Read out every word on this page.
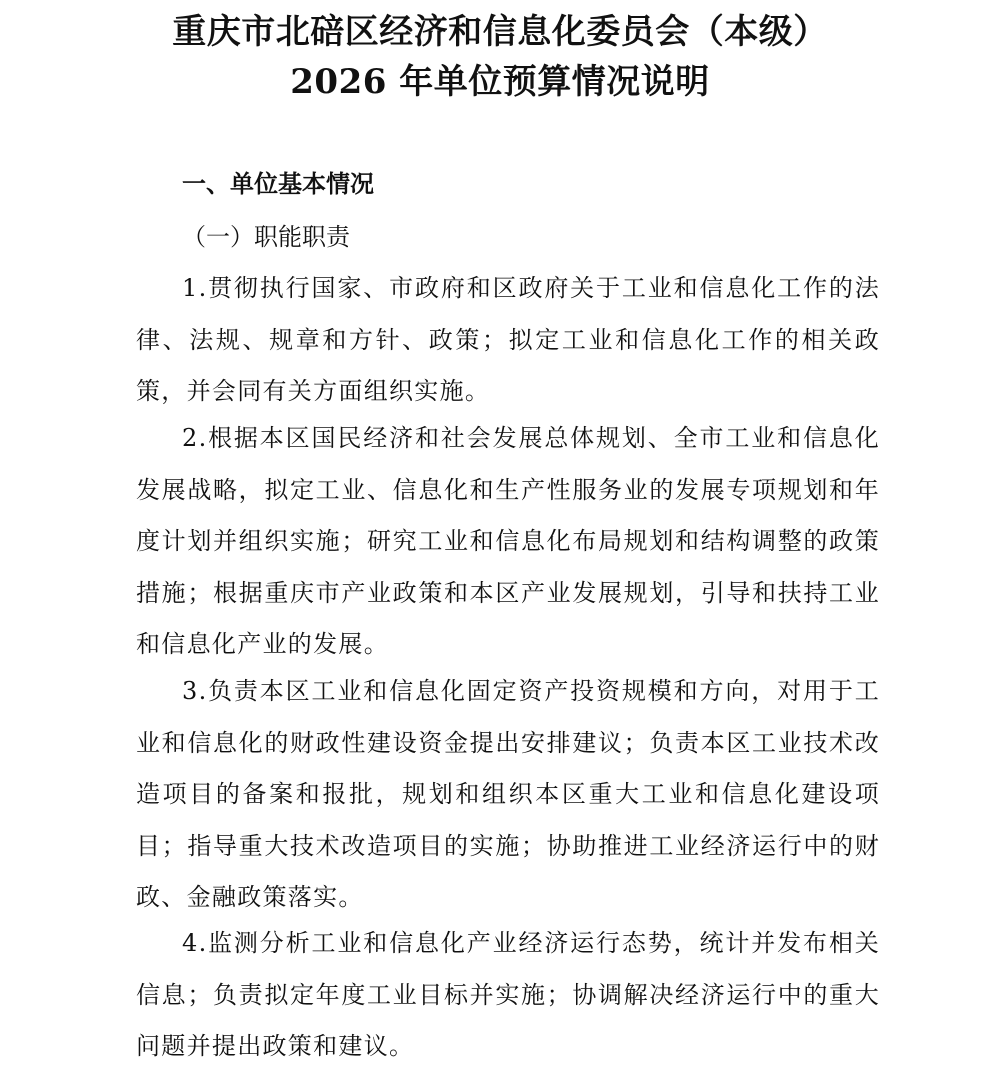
重庆市北碚区经济和信息化委员会（本级）
2026 年单位预算情况说明
一、单位基本情况
（一）职能职责
1.贯彻执行国家、市政府和区政府关于工业和信息化工作的法律、法规、规章和方针、政策；拟定工业和信息化工作的相关政策，并会同有关方面组织实施。
2.根据本区国民经济和社会发展总体规划、全市工业和信息化发展战略，拟定工业、信息化和生产性服务业的发展专项规划和年度计划并组织实施；研究工业和信息化布局规划和结构调整的政策措施；根据重庆市产业政策和本区产业发展规划，引导和扶持工业和信息化产业的发展。
3.负责本区工业和信息化固定资产投资规模和方向，对用于工业和信息化的财政性建设资金提出安排建议；负责本区工业技术改造项目的备案和报批，规划和组织本区重大工业和信息化建设项目；指导重大技术改造项目的实施；协助推进工业经济运行中的财政、金融政策落实。
4.监测分析工业和信息化产业经济运行态势，统计并发布相关信息；负责拟定年度工业目标并实施；协调解决经济运行中的重大问题并提出政策和建议。
